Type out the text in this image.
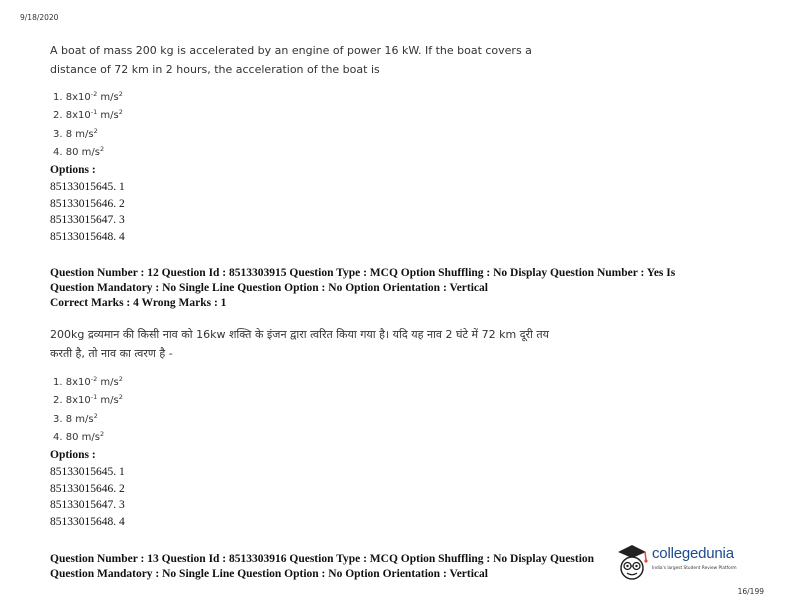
9/18/2020
A boat of mass 200 kg is accelerated by an engine of power 16 kW. If the boat covers a distance of 72 km in 2 hours, the acceleration of the boat is
1. $8x10^{-2}$ $m/s^2$
2. $8x10^{-1}$ $m/s^2$
3. 8 $m/s^2$
4. 80 $m/s^2$
Options :
85133015645. 1
85133015646. 2
85133015647. 3
85133015648. 4
Question Number : 12 Question Id : 8513303915 Question Type : MCQ Option Shuffling : No Display Question Number : Yes Is
Question Mandatory : No Single Line Question Option : No Option Orientation : Vertical
Correct Marks : 4 Wrong Marks : 1
200kg द्रव्यमान की किसी नाव को 16kw शक्ति के इंजन द्वारा त्वरित किया गया है। यदि यह नाव 2 घंटे में 72 km दूरी तय करती है, तो नाव का त्वरण है -
1. $8x10^{-2}$ $m/s^2$
2. $8x10^{-1}$ $m/s^2$
3. 8 $m/s^2$
4. 80 $m/s^2$
Options :
85133015645. 1
85133015646. 2
85133015647. 3
85133015648. 4
Question Number : 13 Question Id : 8513303916 Question Type : MCQ Option Shuffling : No Display Question
Question Mandatory : No Single Line Question Option : No Option Orientation : Vertical
collegedunia
India's largest Student Review Platform
16/199
